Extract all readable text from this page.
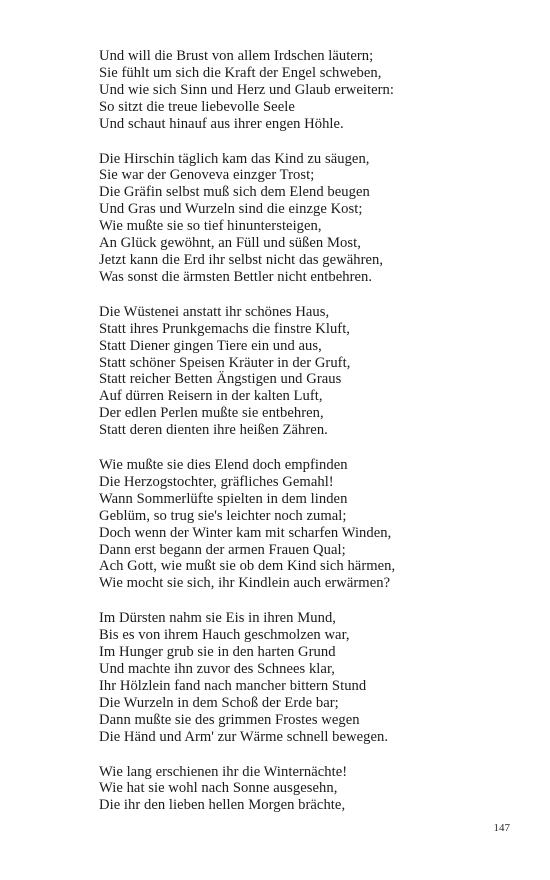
Und will die Brust von allem Irdschen läutern;
Sie fühlt um sich die Kraft der Engel schweben,
Und wie sich Sinn und Herz und Glaub erweitern:
So sitzt die treue liebevolle Seele
Und schaut hinauf aus ihrer engen Höhle.
Die Hirschin täglich kam das Kind zu säugen,
Sie war der Genoveva einzger Trost;
Die Gräfin selbst muß sich dem Elend beugen
Und Gras und Wurzeln sind die einzge Kost;
Wie mußte sie so tief hinuntersteigen,
An Glück gewöhnt, an Füll und süßen Most,
Jetzt kann die Erd ihr selbst nicht das gewähren,
Was sonst die ärmsten Bettler nicht entbehren.
Die Wüstenei anstatt ihr schönes Haus,
Statt ihres Prunkgemachs die finstre Kluft,
Statt Diener gingen Tiere ein und aus,
Statt schöner Speisen Kräuter in der Gruft,
Statt reicher Betten Ängstigen und Graus
Auf dürren Reisern in der kalten Luft,
Der edlen Perlen mußte sie entbehren,
Statt deren dienten ihre heißen Zähren.
Wie mußte sie dies Elend doch empfinden
Die Herzogstochter, gräfliches Gemahl!
Wann Sommerlüfte spielten in dem linden
Geblüm, so trug sie's leichter noch zumal;
Doch wenn der Winter kam mit scharfen Winden,
Dann erst begann der armen Frauen Qual;
Ach Gott, wie mußt sie ob dem Kind sich härmen,
Wie mocht sie sich, ihr Kindlein auch erwärmen?
Im Dürsten nahm sie Eis in ihren Mund,
Bis es von ihrem Hauch geschmolzen war,
Im Hunger grub sie in den harten Grund
Und machte ihn zuvor des Schnees klar,
Ihr Hölzlein fand nach mancher bittern Stund
Die Wurzeln in dem Schoß der Erde bar;
Dann mußte sie des grimmen Frostes wegen
Die Händ und Arm' zur Wärme schnell bewegen.
Wie lang erschienen ihr die Winternächte!
Wie hat sie wohl nach Sonne ausgesehn,
Die ihr den lieben hellen Morgen brächte,
147
